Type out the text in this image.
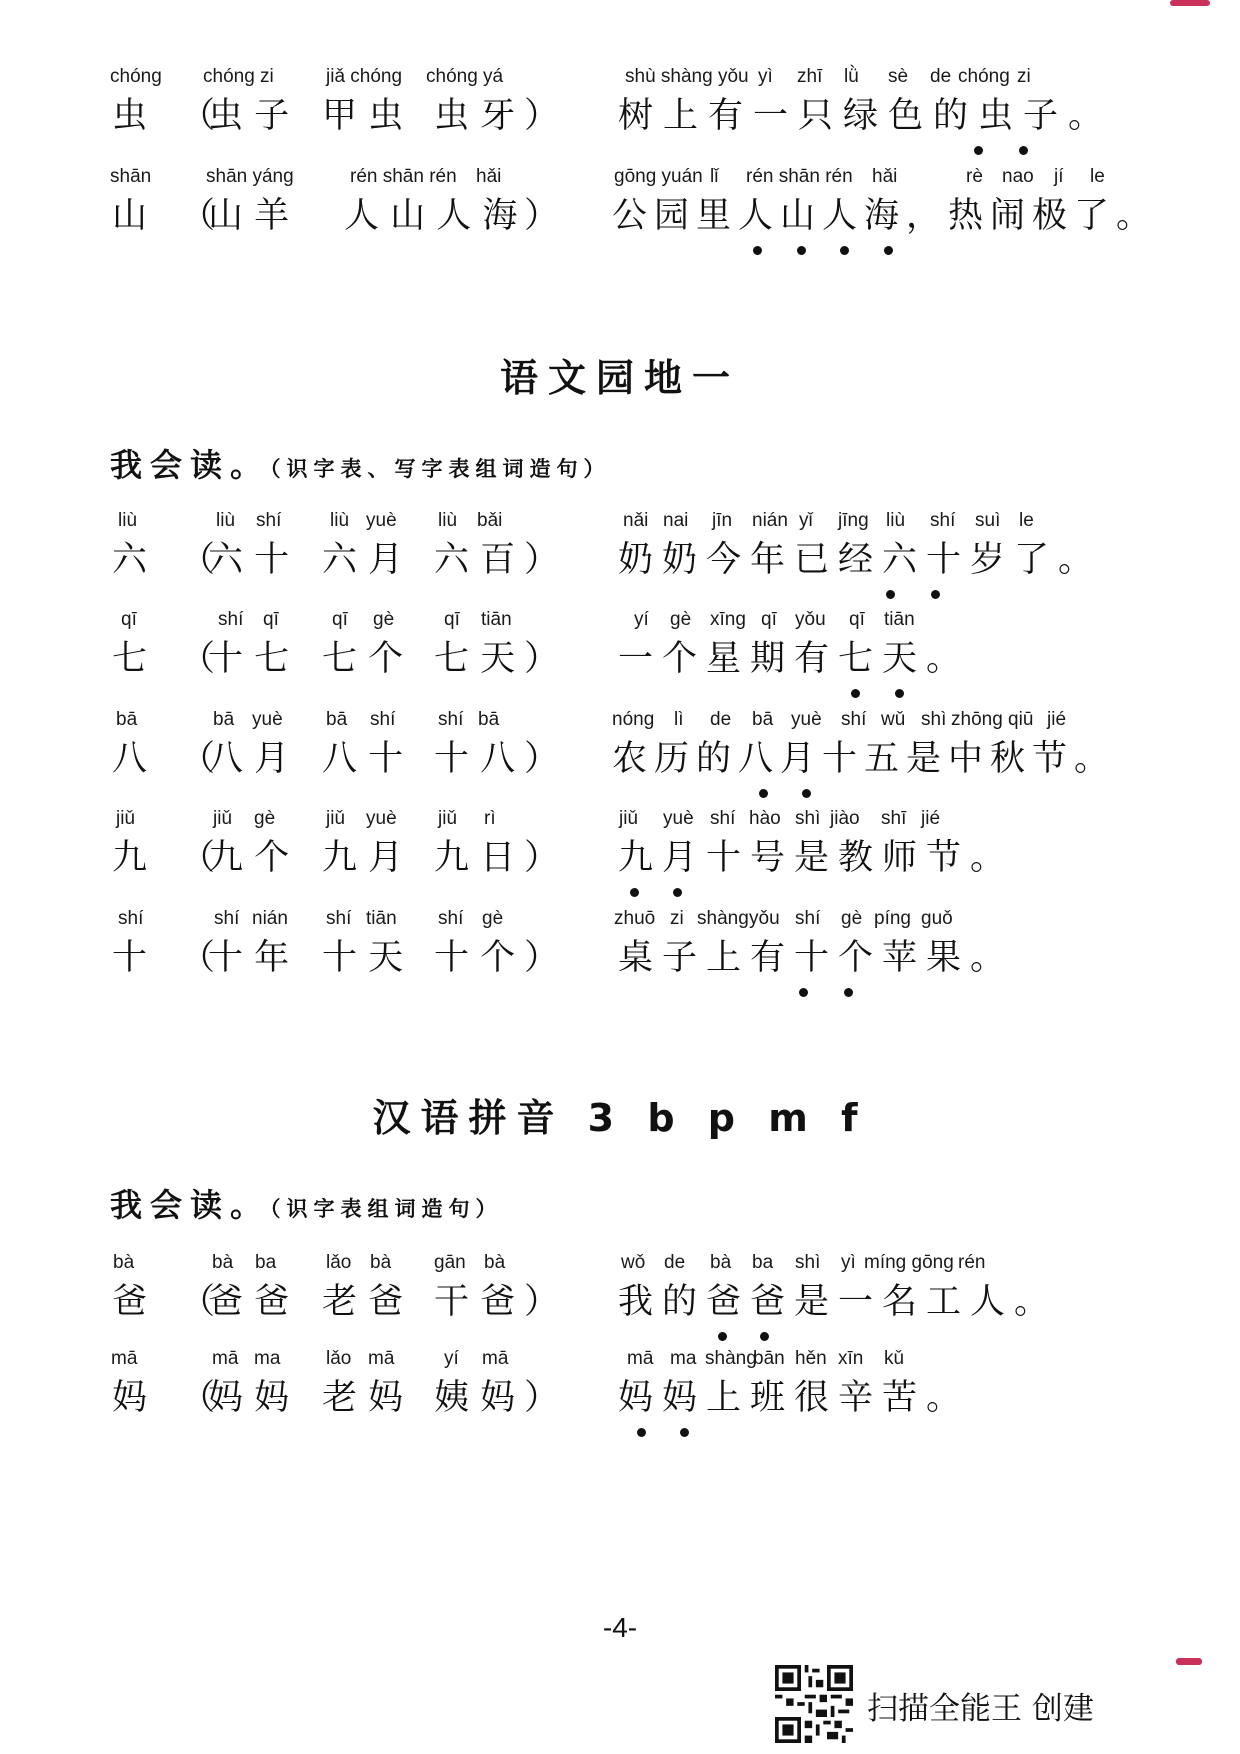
chóng chóng zi	jiǎ chóng chóng yá
虫 （
虫 子 甲 虫 虫 牙 ）
shù shàng yǒu yì zhī lǜ sè de chóng zi
树上有一只绿色的虫子。
shān	shān yáng	rén shān rén hǎi
山 （
山 羊 人 山 人 海 ）
gōng yuán lǐ rén shān rén hǎi	rè nao jí le
公园里人山人海，热闹极了。
语文园地一
我会读。（识字表、写字表组词造句）
liù	liù shí	liù yuè liù bǎi
六 （
六 十 六 月 六 百 ）
nǎi nai jīn nián yǐ jīng liù shí suì le
奶奶今年已经六十岁了。
qī	shí qī	qī gè	qī tiān
七 （
十 七 七 个 七 天 ）
yí gè xīng qī yǒu qī tiān
一个星期有七天。
bā	bā yuè bā shí shí bā
八 （
八 月 八 十 十 八 ）
nóng lì de bā yuè shí wǔ shì zhōng qiū jié
农历的八月十五是中秋节。
jiǔ	jiǔ gè	jiǔ yuè jiǔ rì
九 （
九 个 九 月 九 日 ）
jiǔ yuè shí hào shì jiào shī jié
九月十号是教师节。
shí	shí nián shí tiān shí gè
十 （
十 年 十 天 十 个 ）
zhuō zi shàng yǒu shí gè píng guǒ
桌子上有十个苹果。
汉语拼音 3 b p m f
我会读。（识字表组词造句）
bà	bà ba	lǎo bà gān bà
爸 （
爸 爸 老 爸 干 爸 ）
wǒ de bà ba shì yì míng gōng rén
我的爸爸是一名工人。
mā	mā ma lǎo mā	yí mā
妈 （
妈 妈 老 妈 姨 妈 ）
mā ma shàng
bān hěn xīn kǔ
妈妈上班很辛苦。
-4-
扫描全能王 创建
